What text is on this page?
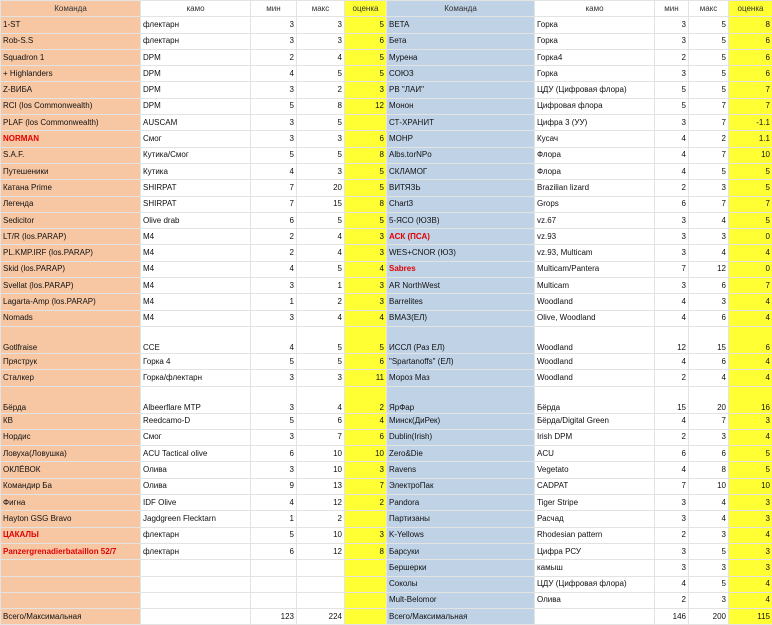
Команда	камо	мин	макс	оценка	Команда	камо	мин	макс	оценка
1-ST	флектарн	3	3	5	BETA	Горка	3	5	8
Rob-S.S	флектарн	3	3	6	Бета	Горка	3	5	6
Squadron 1	DPM	2	4	5	Мурена	Горка4	2	5	6
+ Highlanders	DPM	4	5	5	СОЮЗ	Горка	3	5	6
Z-ВИБА	DPM	3	2	3	РВ "ЛАИ"	ЦДУ (Цифровая флора)	5	5	7
RCI (los Commonwealth)	DPM	5	8	12	Монон	Цифровая флора	5	7	7
PLAF (los Commonwealth)	AUSCAM	3	5		СТ-ХРАНИТ	Цифра 3 (УУ)	3	7	-1.1
NORMAN	Смог	3	3	6	МОНР	Кусач	4	2	1.1
S.A.F.	Кутика/Смог	5	5	8	Albs.torNPo	Флора	4	7	10
Путешеники	Кутика	4	3	5	СКЛАМОГ	Флора	4	5	5
Катана Prime	SHIRPAT	7	20	5	ВИТЯЗЬ	Brazilian lizard	2	3	5
Легенда	SHIRPAT	7	15	8	Chart3	Grops	6	7	7
Sedicitor	Olive drab	6	5	5	5-ЯСО (ЮЗВ)	vz.67	3	4	5
LT/R (los.PARAP)	M4	2	4	3	АСК (ПСА)	vz.93	3	3	0
PL.KMP.IRF (los.PARAP)	M4	2	4	3	WES+CNOR (ЮЗ)	vz.93, Multicam	3	4	4
Skid (los.PARAP)	M4	4	5	4	Sabres	Multicam/Pantera	7	12	0
Svellat (los.PARAP)	M4	3	1	3	AR NorthWest	Multicam	3	6	7
Lagarta-Amp (los.PARAP)	M4	1	2	3	Barrelites	Woodland	4	3	4
Nomads	M4	3	4	4	ВМАЗ(ЕЛ)	Olive, Woodland	4	6	4
Gotlfraise	CCE	4	5	5	ИССЛ (Раз ЕЛ)	Woodland	12	15	6
Пряструк	Горка 4	5	5	6	"Spartanoffs" (ЕЛ)	Woodland	4	6	4
Сталкер	Горка/флектарн	3	3	11	Мороз Маз	Woodland	2	4	4
Бёрда	Albeerflare MTP	3	4	2	ЯрФар	Бёрда	15	20	16
КВ	Reedcamo-D	5	6	4	Минск(ДиРек)	Бёрда/Digital Green	4	7	3
Нордис	Смог	3	7	6	Dublin(Irish)	Irish DPM	2	3	4
Ловуха(Ловушка)	ACU Tactical olive	6	10	10	Zero&Die	ACU	6	6	5
ОКЛЁВОК	Олива	3	10	3	Ravens	Vegetato	4	8	5
Командир Ба	Олива	9	13	7	ЭлектроПак	CADPAT	7	10	10
Фигна	IDF Olive	4	12	2	Pandora	Tiger Stripe	3	4	3
Hayton GSG Bravo	Jagdgreen Flecktarn	1	2		Партизаны	Расчад	3	4	3
ЦАКАЛЫ	флектарн	5	10	3	K-Yellows	Rhodesian pattern	2	3	4
Panzergrenadierbataillon 52/7	флектарн	6	12	8	Барсуки	Цифра РСУ	3	5	3
					Бершерки	камыш	3	3	3
					Соколы	ЦДУ (Цифровая флора)	4	5	4
					Mult-Belomor	Олива	2	3	4
Всего/Максимальная		123	224		Всего/Максимальная		146	200	115
